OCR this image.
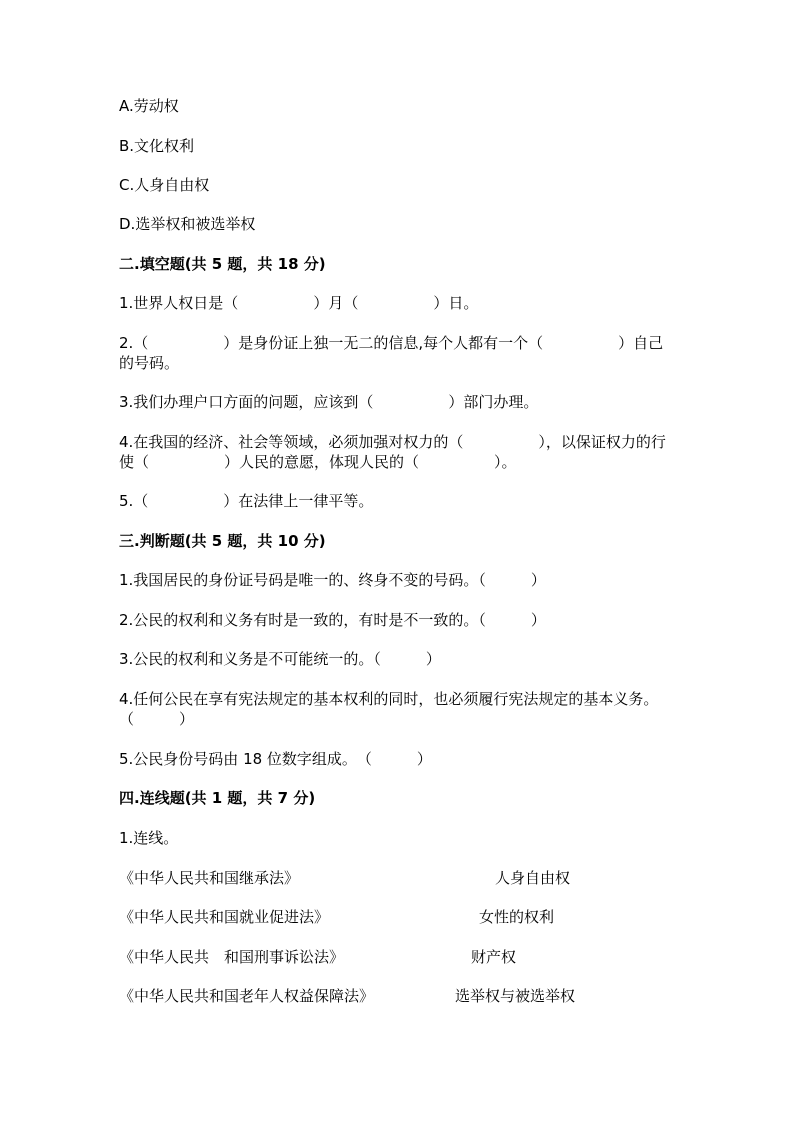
A.劳动权
B.文化权利
C.人身自由权
D.选举权和被选举权
二.填空题(共 5 题，共 18 分)
1.世界人权日是（　　　　　）月（　　　　　）日。
2.（　　　　　）是身份证上独一无二的信息,每个人都有一个（　　　　　）自己的号码。
3.我们办理户口方面的问题，应该到（　　　　　）部门办理。
4.在我国的经济、社会等领域，必须加强对权力的（　　　　　），以保证权力的行使（　　　　　）人民的意愿，体现人民的（　　　　　）。
5.（　　　　　）在法律上一律平等。
三.判断题(共 5 题，共 10 分)
1.我国居民的身份证号码是唯一的、终身不变的号码。（　　　）
2.公民的权利和义务有时是一致的，有时是不一致的。（　　　）
3.公民的权利和义务是不可能统一的。（　　　）
4.任何公民在享有宪法规定的基本权利的同时，也必须履行宪法规定的基本义务。（　　　）
5.公民身份号码由 18 位数字组成。　（　　　）
四.连线题(共 1 题，共 7 分)
1.连线。
《中华人民共和国继承法》	人身自由权
《中华人民共和国就业促进法》	女性的权利
《中华人民共　和国刑事诉讼法》	财产权
《中华人民共和国老年人权益保障法》	选举权与被选举权
